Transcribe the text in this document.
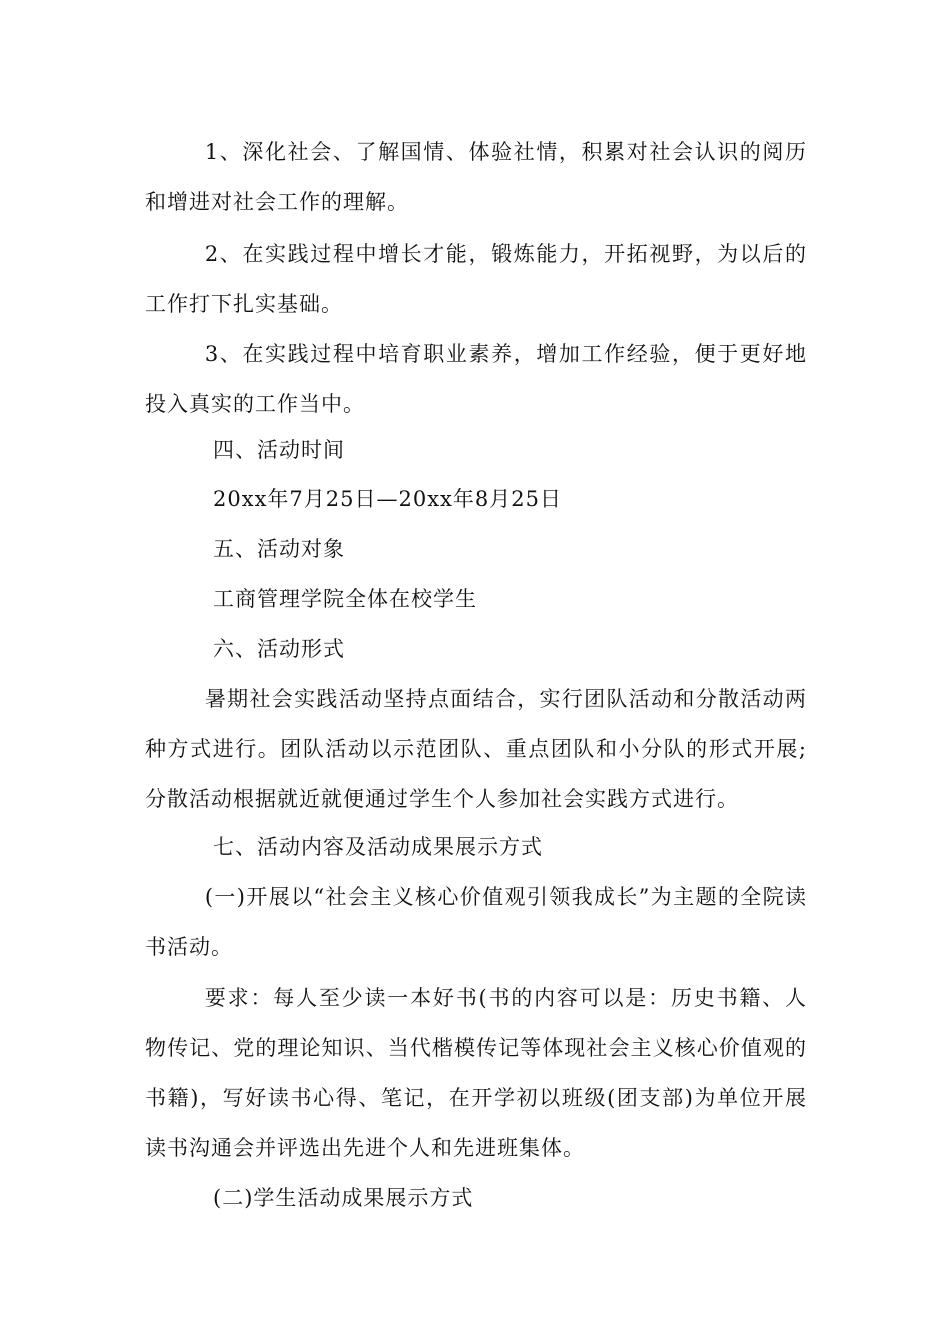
1、深化社会、了解国情、体验社情，积累对社会认识的阅历和增进对社会工作的理解。

2、在实践过程中增长才能，锻炼能力，开拓视野，为以后的工作打下扎实基础。

3、在实践过程中培育职业素养，增加工作经验，便于更好地投入真实的工作当中。

四、活动时间

20xx年7月25日—20xx年8月25日

五、活动对象

工商管理学院全体在校学生

六、活动形式

暑期社会实践活动坚持点面结合，实行团队活动和分散活动两种方式进行。团队活动以示范团队、重点团队和小分队的形式开展;分散活动根据就近就便通过学生个人参加社会实践方式进行。

七、活动内容及活动成果展示方式

(一)开展以“社会主义核心价值观引领我成长”为主题的全院读书活动。

要求：每人至少读一本好书(书的内容可以是：历史书籍、人物传记、党的理论知识、当代楷模传记等体现社会主义核心价值观的书籍)，写好读书心得、笔记，在开学初以班级(团支部)为单位开展读书沟通会并评选出先进个人和先进班集体。

(二)学生活动成果展示方式
